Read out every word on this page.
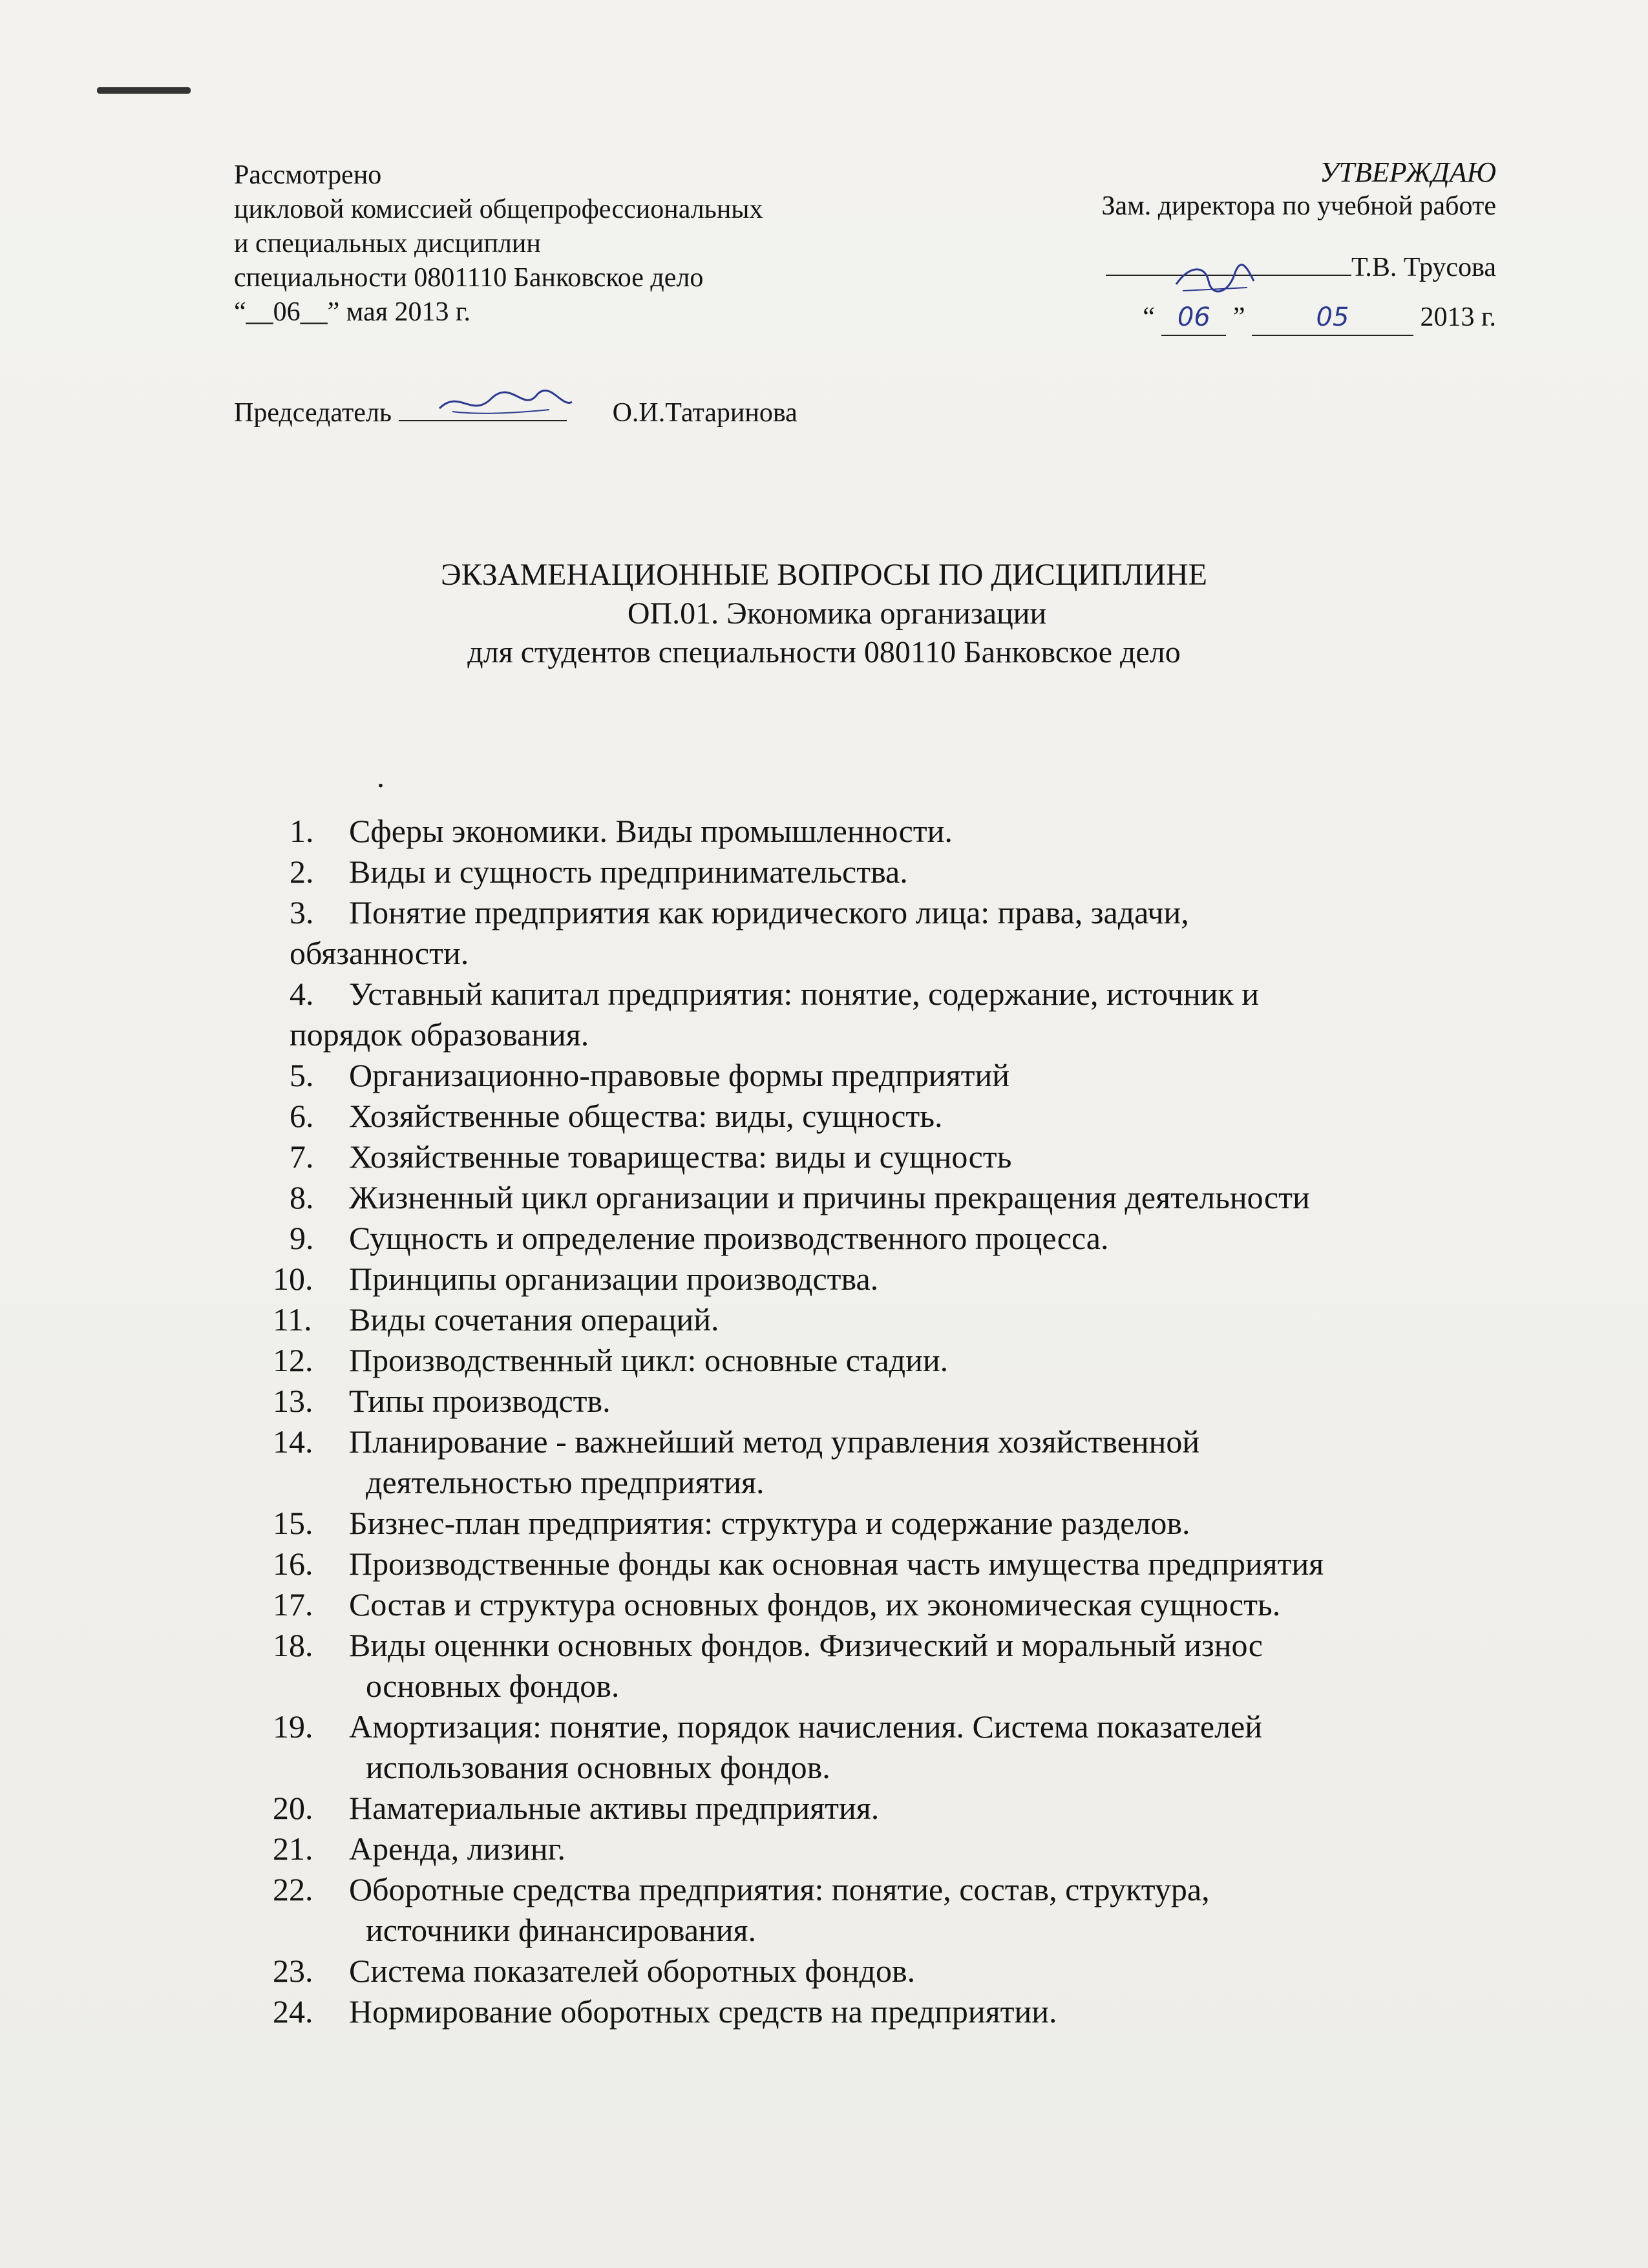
Рассмотрено
цикловой комиссией общепрофессиональных
и специальных дисциплин
специальности 0801110 Банковское дело
“__06__” мая 2013 г.
Председатель	О.И.Татаринова
УТВЕРЖДАЮ
Зам. директора по учебной работе
Т.В. Трусова
“ 06 ”	05	2013 г.
ЭКЗАМЕНАЦИОННЫЕ ВОПРОСЫ ПО ДИСЦИПЛИНЕ
ОП.01. Экономика организации
для студентов специальности 080110 Банковское дело
.
1.	Сферы экономики. Виды промышленности.
2.	Виды и сущность предпринимательства.
3.	Понятие предприятия как юридического лица: права, задачи,
обязанности.
4.	Уставный капитал предприятия: понятие, содержание, источник и
порядок образования.
5.	Организационно-правовые формы предприятий
6.	Хозяйственные общества: виды, сущность.
7.	Хозяйственные товарищества: виды и сущность
8.	Жизненный цикл организации и причины прекращения деятельности
9.	Сущность и определение производственного процесса.
10.	Принципы организации производства.
11.	Виды сочетания операций.
12.	Производственный цикл: основные стадии.
13.	Типы производств.
14.	Планирование - важнейший метод управления хозяйственной
деятельностью предприятия.
15.	Бизнес-план предприятия: структура и содержание разделов.
16.	Производственные фонды как основная часть имущества предприятия
17.	Состав и структура основных фондов, их экономическая сущность.
18.	Виды оценнки основных фондов. Физический и моральный износ
основных фондов.
19.	Амортизация: понятие, порядок начисления. Система показателей
использования основных фондов.
20.	Наматериальные активы предприятия.
21.	Аренда, лизинг.
22.	Оборотные средства предприятия: понятие, состав, структура,
источники финансирования.
23.	Система показателей оборотных фондов.
24.	Нормирование оборотных средств на предприятии.
